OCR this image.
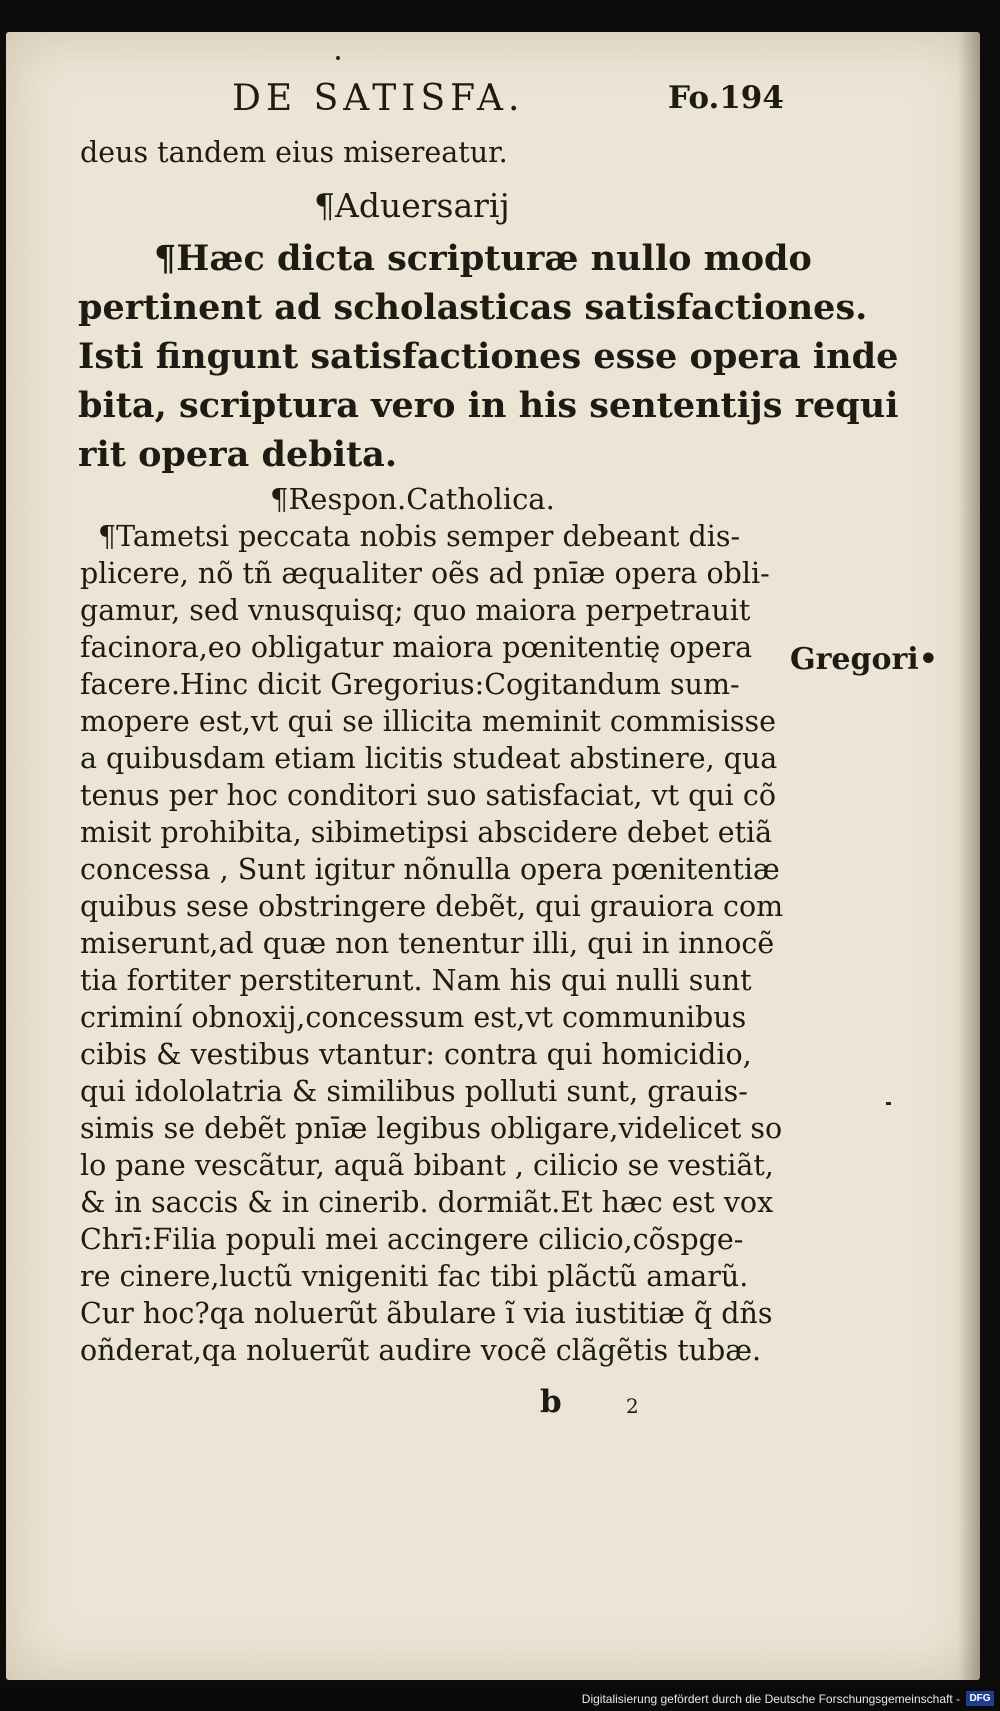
DE SATISFA.	Fo.194
deus tandem eius misereatur.
¶Aduersarij
¶Hæc dicta scripturæ nullo modo
pertinent ad scholasticas satisfactiones.
Isti fingunt satisfactiones esse opera inde
bita, scriptura vero in his sententijs requi
rit opera debita.
¶Respon.Catholica.
¶Tametsi peccata nobis semper debeant dis-
plicere, nõ tñ æqualiter oẽs ad pnīæ opera obli-
gamur, sed vnusquisq; quo maiora perpetrauit
facinora,eo obligatur maiora pœnitentię opera
facere.Hinc dicit Gregorius:Cogitandum sum-
mopere est,vt qui se illicita meminit commisisse
a quibusdam etiam licitis studeat abstinere, qua
tenus per hoc conditori suo satisfaciat, vt qui cõ
misit prohibita, sibimetipsi abscidere debet etiã
concessa , Sunt igitur nõnulla opera pœnitentiæ
quibus sese obstringere debẽt, qui grauiora com
miserunt,ad quæ non tenentur illi, qui in innocẽ
tia fortiter perstiterunt. Nam his qui nulli sunt
criminí obnoxij,concessum est,vt communibus
cibis & vestibus vtantur: contra qui homicidio,
qui idololatria & similibus polluti sunt, grauis-
simis se debẽt pnīæ legibus obligare,videlicet so
lo pane vescãtur, aquã bibant , cilicio se vestiãt,
& in saccis & in cinerib. dormiãt.Et hæc est vox
Chrī:Filia populi mei accingere cilicio,cõspge-
re cinere,luctũ vnigeniti fac tibi plãctũ amarũ.
Cur hoc?qa noluerũt ãbulare ĩ via iustitiæ q̃ dñs
oñderat,qa noluerũt audire vocẽ clãgẽtis tubæ.
Gregori•
b	2
Digitalisierung gefördert durch die Deutsche Forschungsgemeinschaft - DFG
